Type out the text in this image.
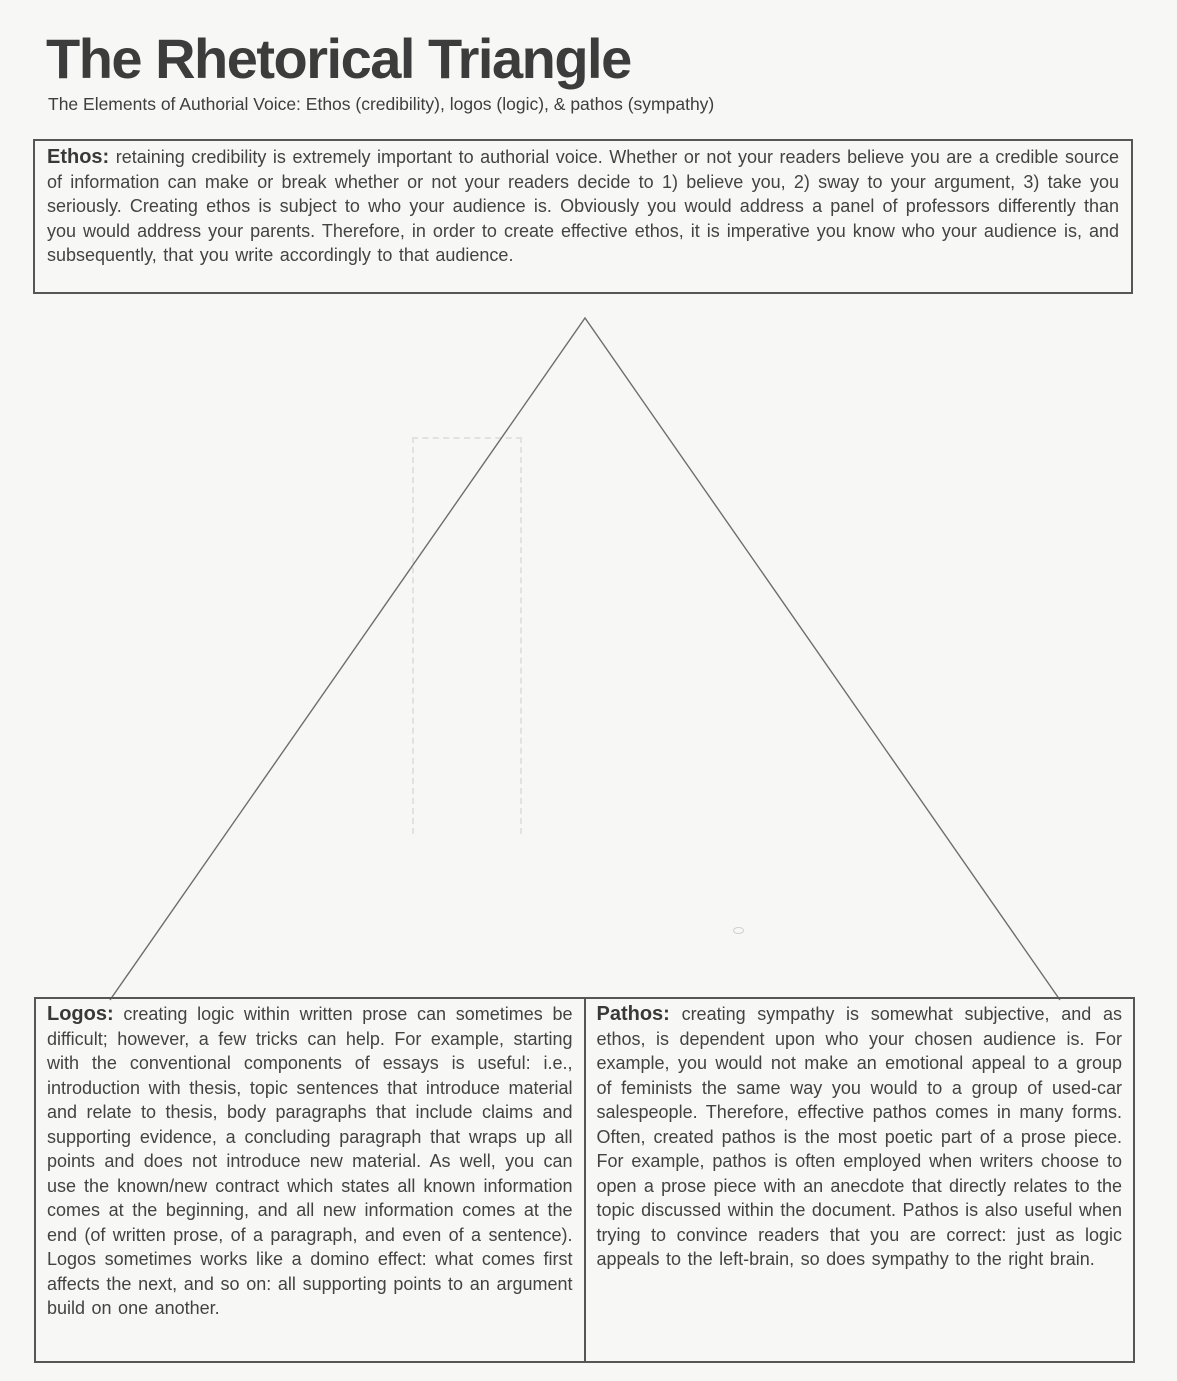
The Rhetorical Triangle
The Elements of Authorial Voice: Ethos (credibility), logos (logic), & pathos (sympathy)

Ethos: retaining credibility is extremely important to authorial voice. Whether or not your readers believe you are a credible source of information can make or break whether or not your readers decide to 1) believe you, 2) sway to your argument, 3) take you seriously. Creating ethos is subject to who your audience is. Obviously you would address a panel of professors differently than you would address your parents. Therefore, in order to create effective ethos, it is imperative you know who your audience is, and subsequently, that you write accordingly to that audience.

Logos: creating logic within written prose can sometimes be difficult; however, a few tricks can help. For example, starting with the conventional components of essays is useful: i.e., introduction with thesis, topic sentences that introduce material and relate to thesis, body paragraphs that include claims and supporting evidence, a concluding paragraph that wraps up all points and does not introduce new material. As well, you can use the known/new contract which states all known information comes at the beginning, and all new information comes at the end (of written prose, of a paragraph, and even of a sentence). Logos sometimes works like a domino effect: what comes first affects the next, and so on: all supporting points to an argument build on one another.

Pathos: creating sympathy is somewhat subjective, and as ethos, is dependent upon who your chosen audience is. For example, you would not make an emotional appeal to a group of feminists the same way you would to a group of used-car salespeople. Therefore, effective pathos comes in many forms. Often, created pathos is the most poetic part of a prose piece. For example, pathos is often employed when writers choose to open a prose piece with an anecdote that directly relates to the topic discussed within the document. Pathos is also useful when trying to convince readers that you are correct: just as logic appeals to the left-brain, so does sympathy to the right brain.
